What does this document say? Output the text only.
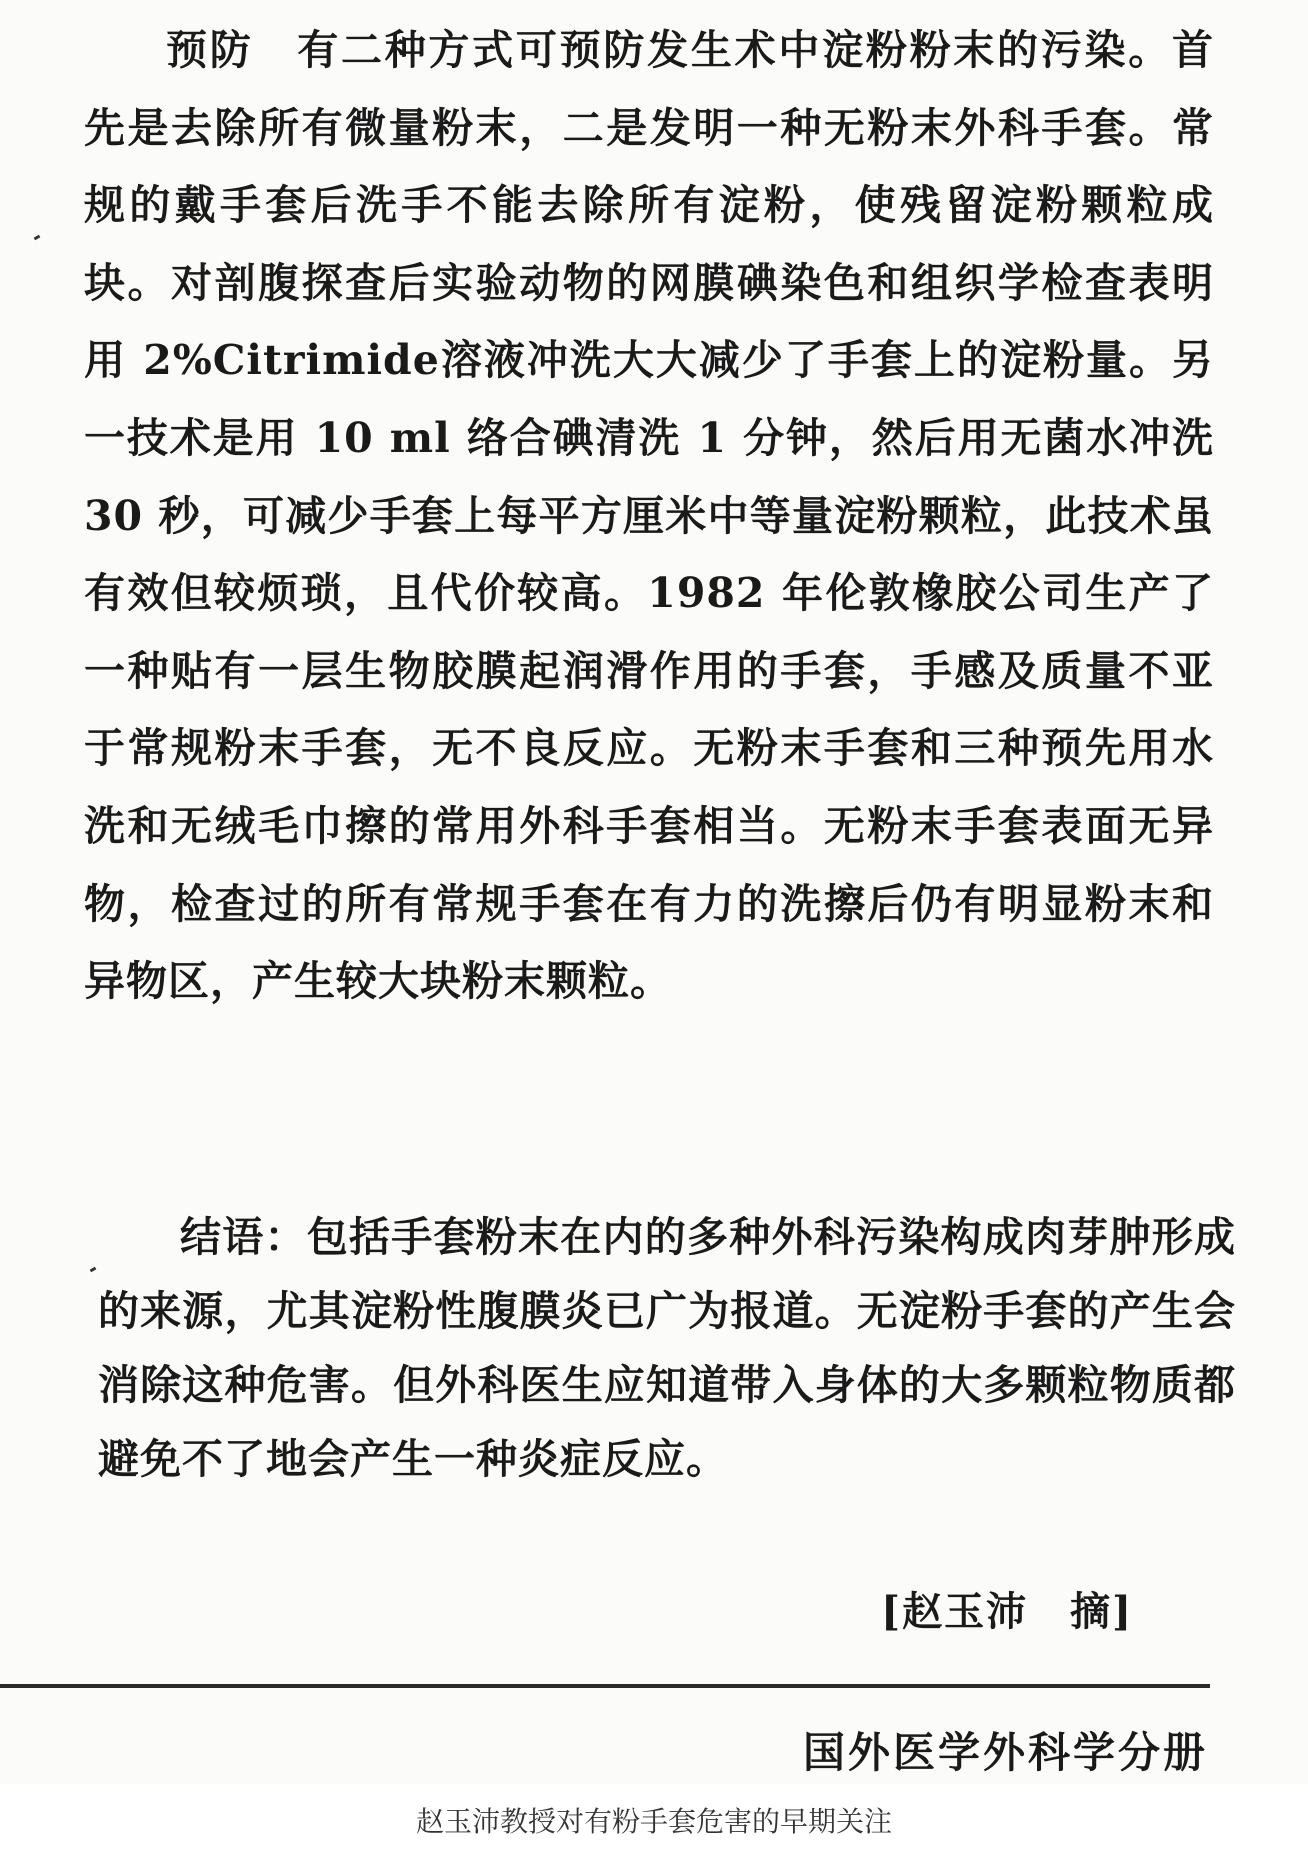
预防　有二种方式可预防发生术中淀粉粉末的污染。首先是去除所有微量粉末，二是发明一种无粉末外科手套。常规的戴手套后洗手不能去除所有淀粉，使残留淀粉颗粒成块。对剖腹探查后实验动物的网膜碘染色和组织学检查表明用 2%Citrimide溶液冲洗大大减少了手套上的淀粉量。另一技术是用 10 ml 络合碘清洗 1 分钟，然后用无菌水冲洗 30 秒，可减少手套上每平方厘米中等量淀粉颗粒，此技术虽有效但较烦琐，且代价较高。1982 年伦敦橡胶公司生产了一种贴有一层生物胶膜起润滑作用的手套，手感及质量不亚于常规粉末手套，无不良反应。无粉末手套和三种预先用水洗和无绒毛巾擦的常用外科手套相当。无粉末手套表面无异物，检查过的所有常规手套在有力的洗擦后仍有明显粉末和异物区，产生较大块粉末颗粒。
结语：包括手套粉末在内的多种外科污染构成肉芽肿形成的来源，尤其淀粉性腹膜炎已广为报道。无淀粉手套的产生会消除这种危害。但外科医生应知道带入身体的大多颗粒物质都避免不了地会产生一种炎症反应。
[赵玉沛　摘]
国外医学外科学分册
赵玉沛教授对有粉手套危害的早期关注
